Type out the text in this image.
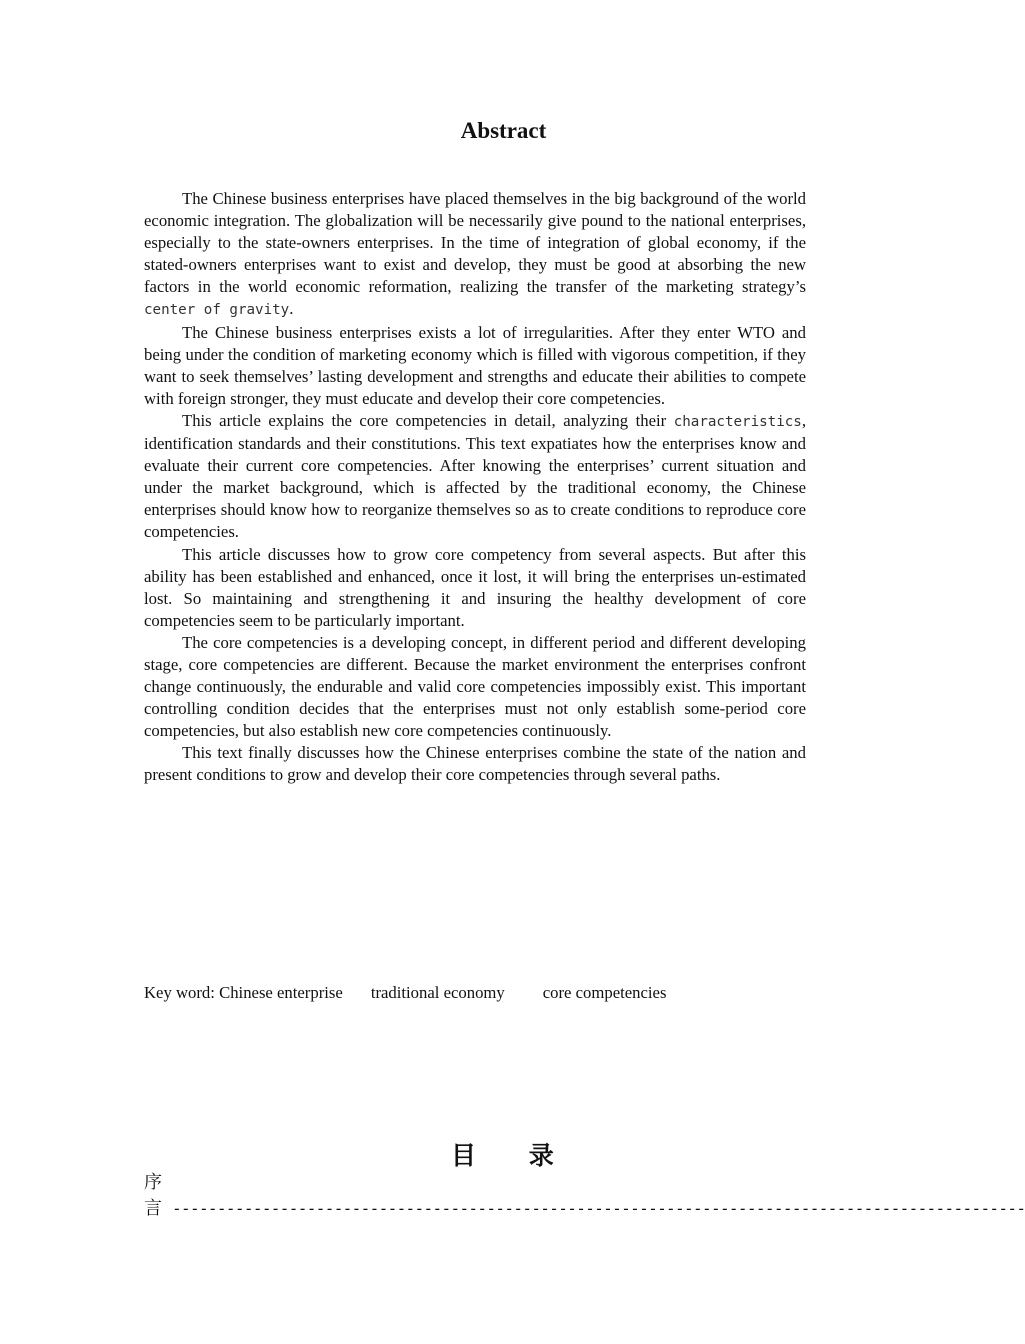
Abstract

The Chinese business enterprises have placed themselves in the big background of the world economic integration. The globalization will be necessarily give pound to the national enterprises, especially to the state-owners enterprises. In the time of integration of global economy, if the stated-owners enterprises want to exist and develop, they must be good at absorbing the new factors in the world economic reformation, realizing the transfer of the marketing strategy’s center of gravity.

The Chinese business enterprises exists a lot of irregularities. After they enter WTO and being under the condition of marketing economy which is filled with vigorous competition, if they want to seek themselves’ lasting development and strengths and educate their abilities to compete with foreign stronger, they must educate and develop their core competencies.

This article explains the core competencies in detail, analyzing their characteristics, identification standards and their constitutions. This text expatiates how the enterprises know and evaluate their current core competencies. After knowing the enterprises’ current situation and under the market background, which is affected by the traditional economy, the Chinese enterprises should know how to reorganize themselves so as to create conditions to reproduce core competencies.

This article discusses how to grow core competency from several aspects. But after this ability has been established and enhanced, once it lost, it will bring the enterprises un-estimated lost. So maintaining and strengthening it and insuring the healthy development of core competencies seem to be particularly important.

The core competencies is a developing concept, in different period and different developing stage, core competencies are different. Because the market environment the enterprises confront change continuously, the endurable and valid core competencies impossibly exist. This important controlling condition decides that the enterprises must not only establish some-period core competencies, but also establish new core competencies continuously.

This text finally discusses how the Chinese enterprises combine the state of the nation and present conditions to grow and develop their core competencies through several paths.

Key word: Chinese enterprise traditional economy core competencies
目 录
序
言 -----------------------------------------------------------------------------------------------
